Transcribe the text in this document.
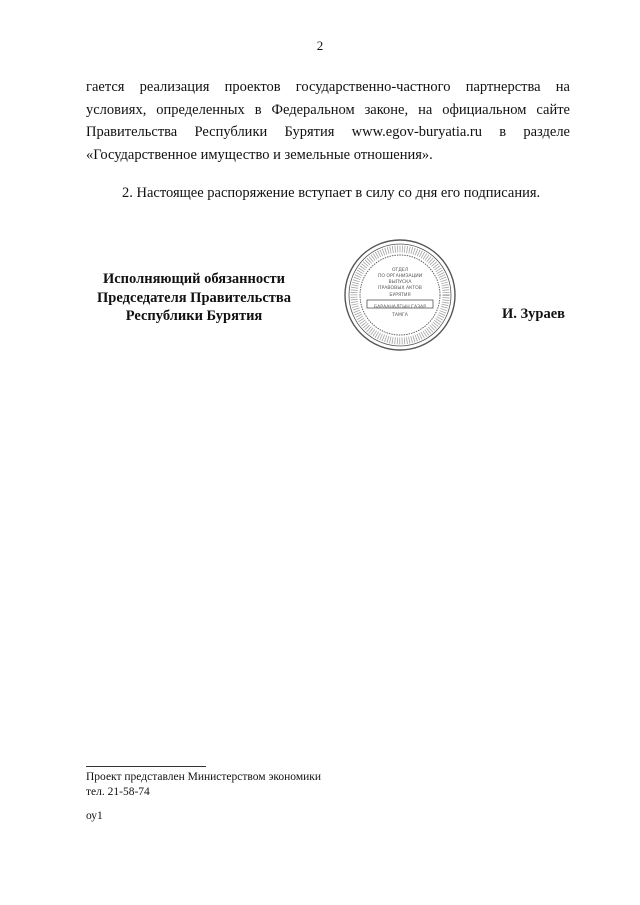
2

гается реализация проектов государственно-частного партнерства на условиях, определенных в Федеральном законе, на официальном сайте Правительства Республики Бурятия www.egov-buryatia.ru в разделе «Государственное имущество и земельные отношения».

2. Настоящее распоряжение вступает в силу со дня его подписания.

Исполняющий обязанности
Председателя Правительства
Республики Бурятия
ОТДЕЛ
ПО ОРГАНИЗАЦИИ
ВЫПУСКА
ПРАВОВЫХ АКТОВ
БУРЯТИЯ
БАРААНАЛГЫН ГАЗАР
ТАМГА	И. Зураев
Проект представлен Министерством экономики
тел. 21-58-74
оу1
